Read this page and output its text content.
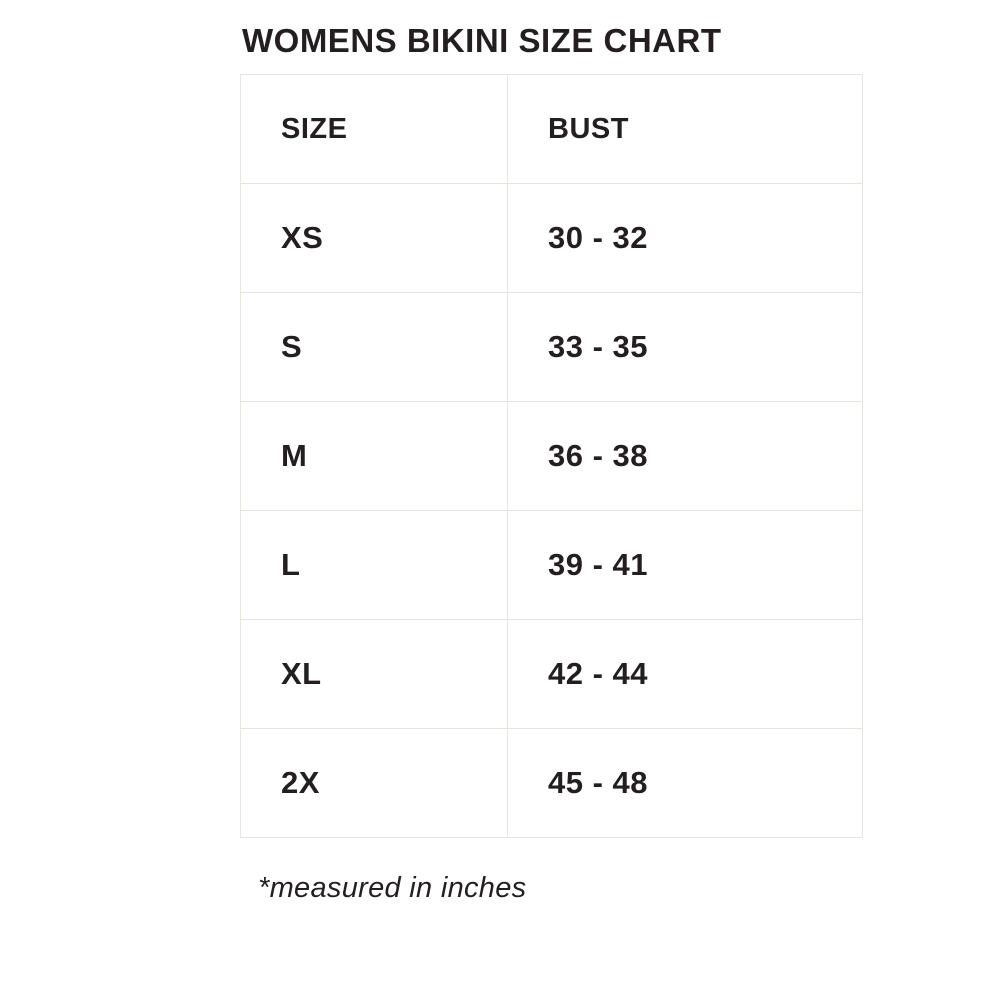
WOMENS BIKINI SIZE CHART
SIZE	BUST
XS	30 - 32
S	33 - 35
M	36 - 38
L	39 - 41
XL	42 - 44
2X	45 - 48
*measured in inches
